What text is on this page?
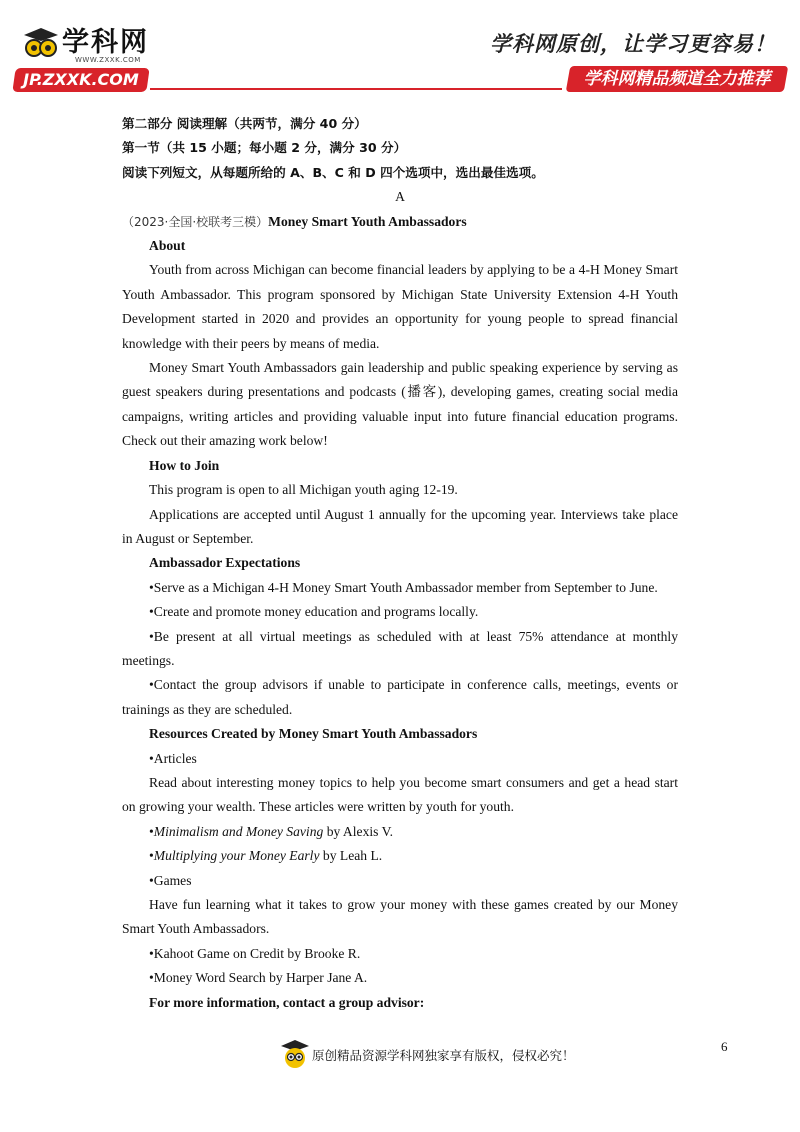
学科网
WWW.ZXXK.COM
JP.ZXXK.COM
学科网原创，让学习更容易！
学科网精品频道全力推荐

第二部分 阅读理解（共两节，满分 40 分）

第一节（共 15 小题；每小题 2 分，满分 30 分）

阅读下列短文，从每题所给的 A、B、C 和 D 四个选项中，选出最佳选项。

A

（2023·全国·校联考三模）Money Smart Youth Ambassadors

About

Youth from across Michigan can become financial leaders by applying to be a 4-H Money Smart Youth Ambassador. This program sponsored by Michigan State University Extension 4-H Youth Development started in 2020 and provides an opportunity for young people to spread financial knowledge with their peers by means of media.

Money Smart Youth Ambassadors gain leadership and public speaking experience by serving as guest speakers during presentations and podcasts (播客), developing games, creating social media campaigns, writing articles and providing valuable input into future financial education programs. Check out their amazing work below!

How to Join

This program is open to all Michigan youth aging 12-19.

Applications are accepted until August 1 annually for the upcoming year. Interviews take place in August or September.

Ambassador Expectations

•Serve as a Michigan 4-H Money Smart Youth Ambassador member from September to June.

•Create and promote money education and programs locally.

•Be present at all virtual meetings as scheduled with at least 75% attendance at monthly meetings.

•Contact the group advisors if unable to participate in conference calls, meetings, events or trainings as they are scheduled.

Resources Created by Money Smart Youth Ambassadors

•Articles

Read about interesting money topics to help you become smart consumers and get a head start on growing your wealth. These articles were written by youth for youth.

•Minimalism and Money Saving by Alexis V.

•Multiplying your Money Early by Leah L.

•Games

Have fun learning what it takes to grow your money with these games created by our Money Smart Youth Ambassadors.

•Kahoot Game on Credit by Brooke R.

•Money Word Search by Harper Jane A.

For more information, contact a group advisor:

6
原创精品资源学科网独家享有版权，侵权必究！
